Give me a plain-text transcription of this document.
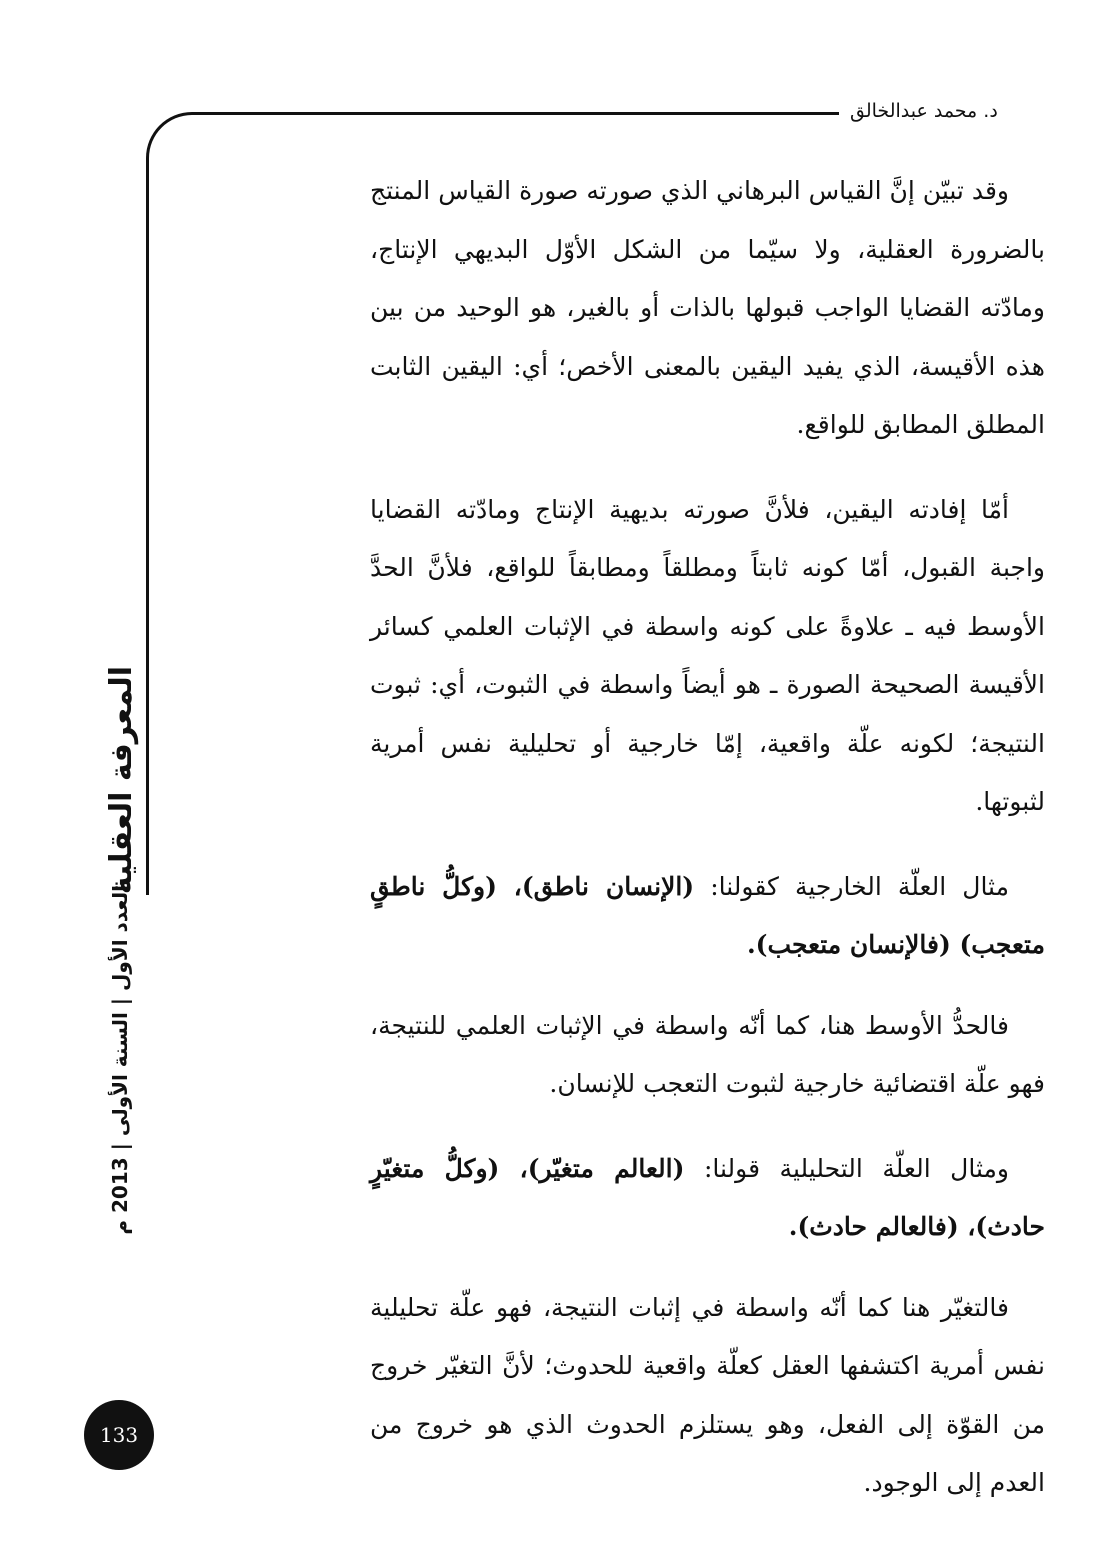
د. محمد عبدالخالق

وقد تبيّن إنَّ القياس البرهاني الذي صورته صورة القياس المنتج بالضرورة العقلية، ولا سيّما من الشكل الأوّل البديهي الإنتاج، ومادّته القضايا الواجب قبولها بالذات أو بالغير، هو الوحيد من بين هذه الأقيسة، الذي يفيد اليقين بالمعنى الأخص؛ أي: اليقين الثابت المطلق المطابق للواقع.

أمّا إفادته اليقين، فلأنَّ صورته بديهية الإنتاج ومادّته القضايا واجبة القبول، أمّا كونه ثابتاً ومطلقاً ومطابقاً للواقع، فلأنَّ الحدَّ الأوسط فيه ـ علاوةً على كونه واسطة في الإثبات العلمي كسائر الأقيسة الصحيحة الصورة ـ هو أيضاً واسطة في الثبوت، أي: ثبوت النتيجة؛ لكونه علّة واقعية، إمّا خارجية أو تحليلية نفس أمرية لثبوتها.

مثال العلّة الخارجية كقولنا: (الإنسان ناطق)، (وكلُّ ناطقٍ متعجب) (فالإنسان متعجب).

فالحدُّ الأوسط هنا، كما أنّه واسطة في الإثبات العلمي للنتيجة، فهو علّة اقتضائية خارجية لثبوت التعجب للإنسان.

ومثال العلّة التحليلية قولنا: (العالم متغيّر)، (وكلُّ متغيّرٍ حادث)، (فالعالم حادث).

فالتغيّر هنا كما أنّه واسطة في إثبات النتيجة، فهو علّة تحليلية نفس أمرية اكتشفها العقل كعلّة واقعية للحدوث؛ لأنَّ التغيّر خروج من القوّة إلى الفعل، وهو يستلزم الحدوث الذي هو خروج من العدم إلى الوجود.

المعرفة العقلية
العدد الأول | السنة الأولى | 2013 م
133
